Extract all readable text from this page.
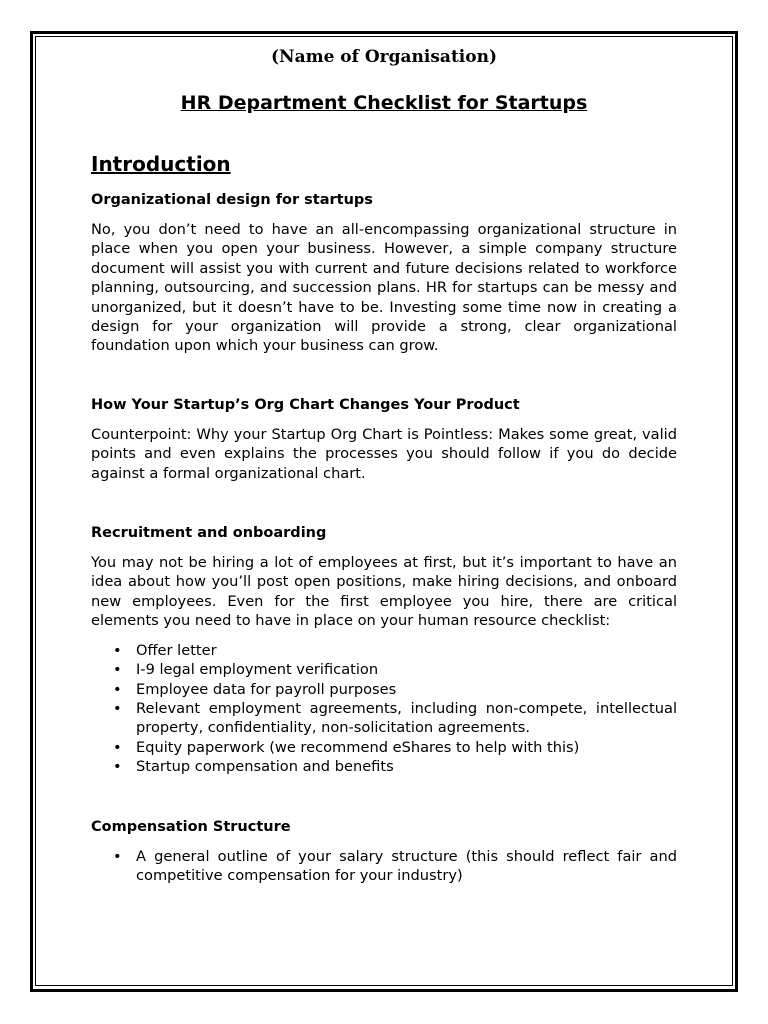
(Name of Organisation)

HR Department Checklist for Startups
Introduction
Organizational design for startups

No, you don’t need to have an all-encompassing organizational structure in place when you open your business. However, a simple company structure document will assist you with current and future decisions related to workforce planning, outsourcing, and succession plans. HR for startups can be messy and unorganized, but it doesn’t have to be. Investing some time now in creating a design for your organization will provide a strong, clear organizational foundation upon which your business can grow.

How Your Startup’s Org Chart Changes Your Product

Counterpoint: Why your Startup Org Chart is Pointless: Makes some great, valid points and even explains the processes you should follow if you do decide against a formal organizational chart.

Recruitment and onboarding

You may not be hiring a lot of employees at first, but it’s important to have an idea about how you’ll post open positions, make hiring decisions, and onboard new employees. Even for the first employee you hire, there are critical elements you need to have in place on your human resource checklist:

• Offer letter
• I-9 legal employment verification
• Employee data for payroll purposes
• Relevant employment agreements, including non-compete, intellectual property, confidentiality, non-solicitation agreements.
• Equity paperwork (we recommend eShares to help with this)
• Startup compensation and benefits
Compensation Structure
• A general outline of your salary structure (this should reflect fair and competitive compensation for your industry)
